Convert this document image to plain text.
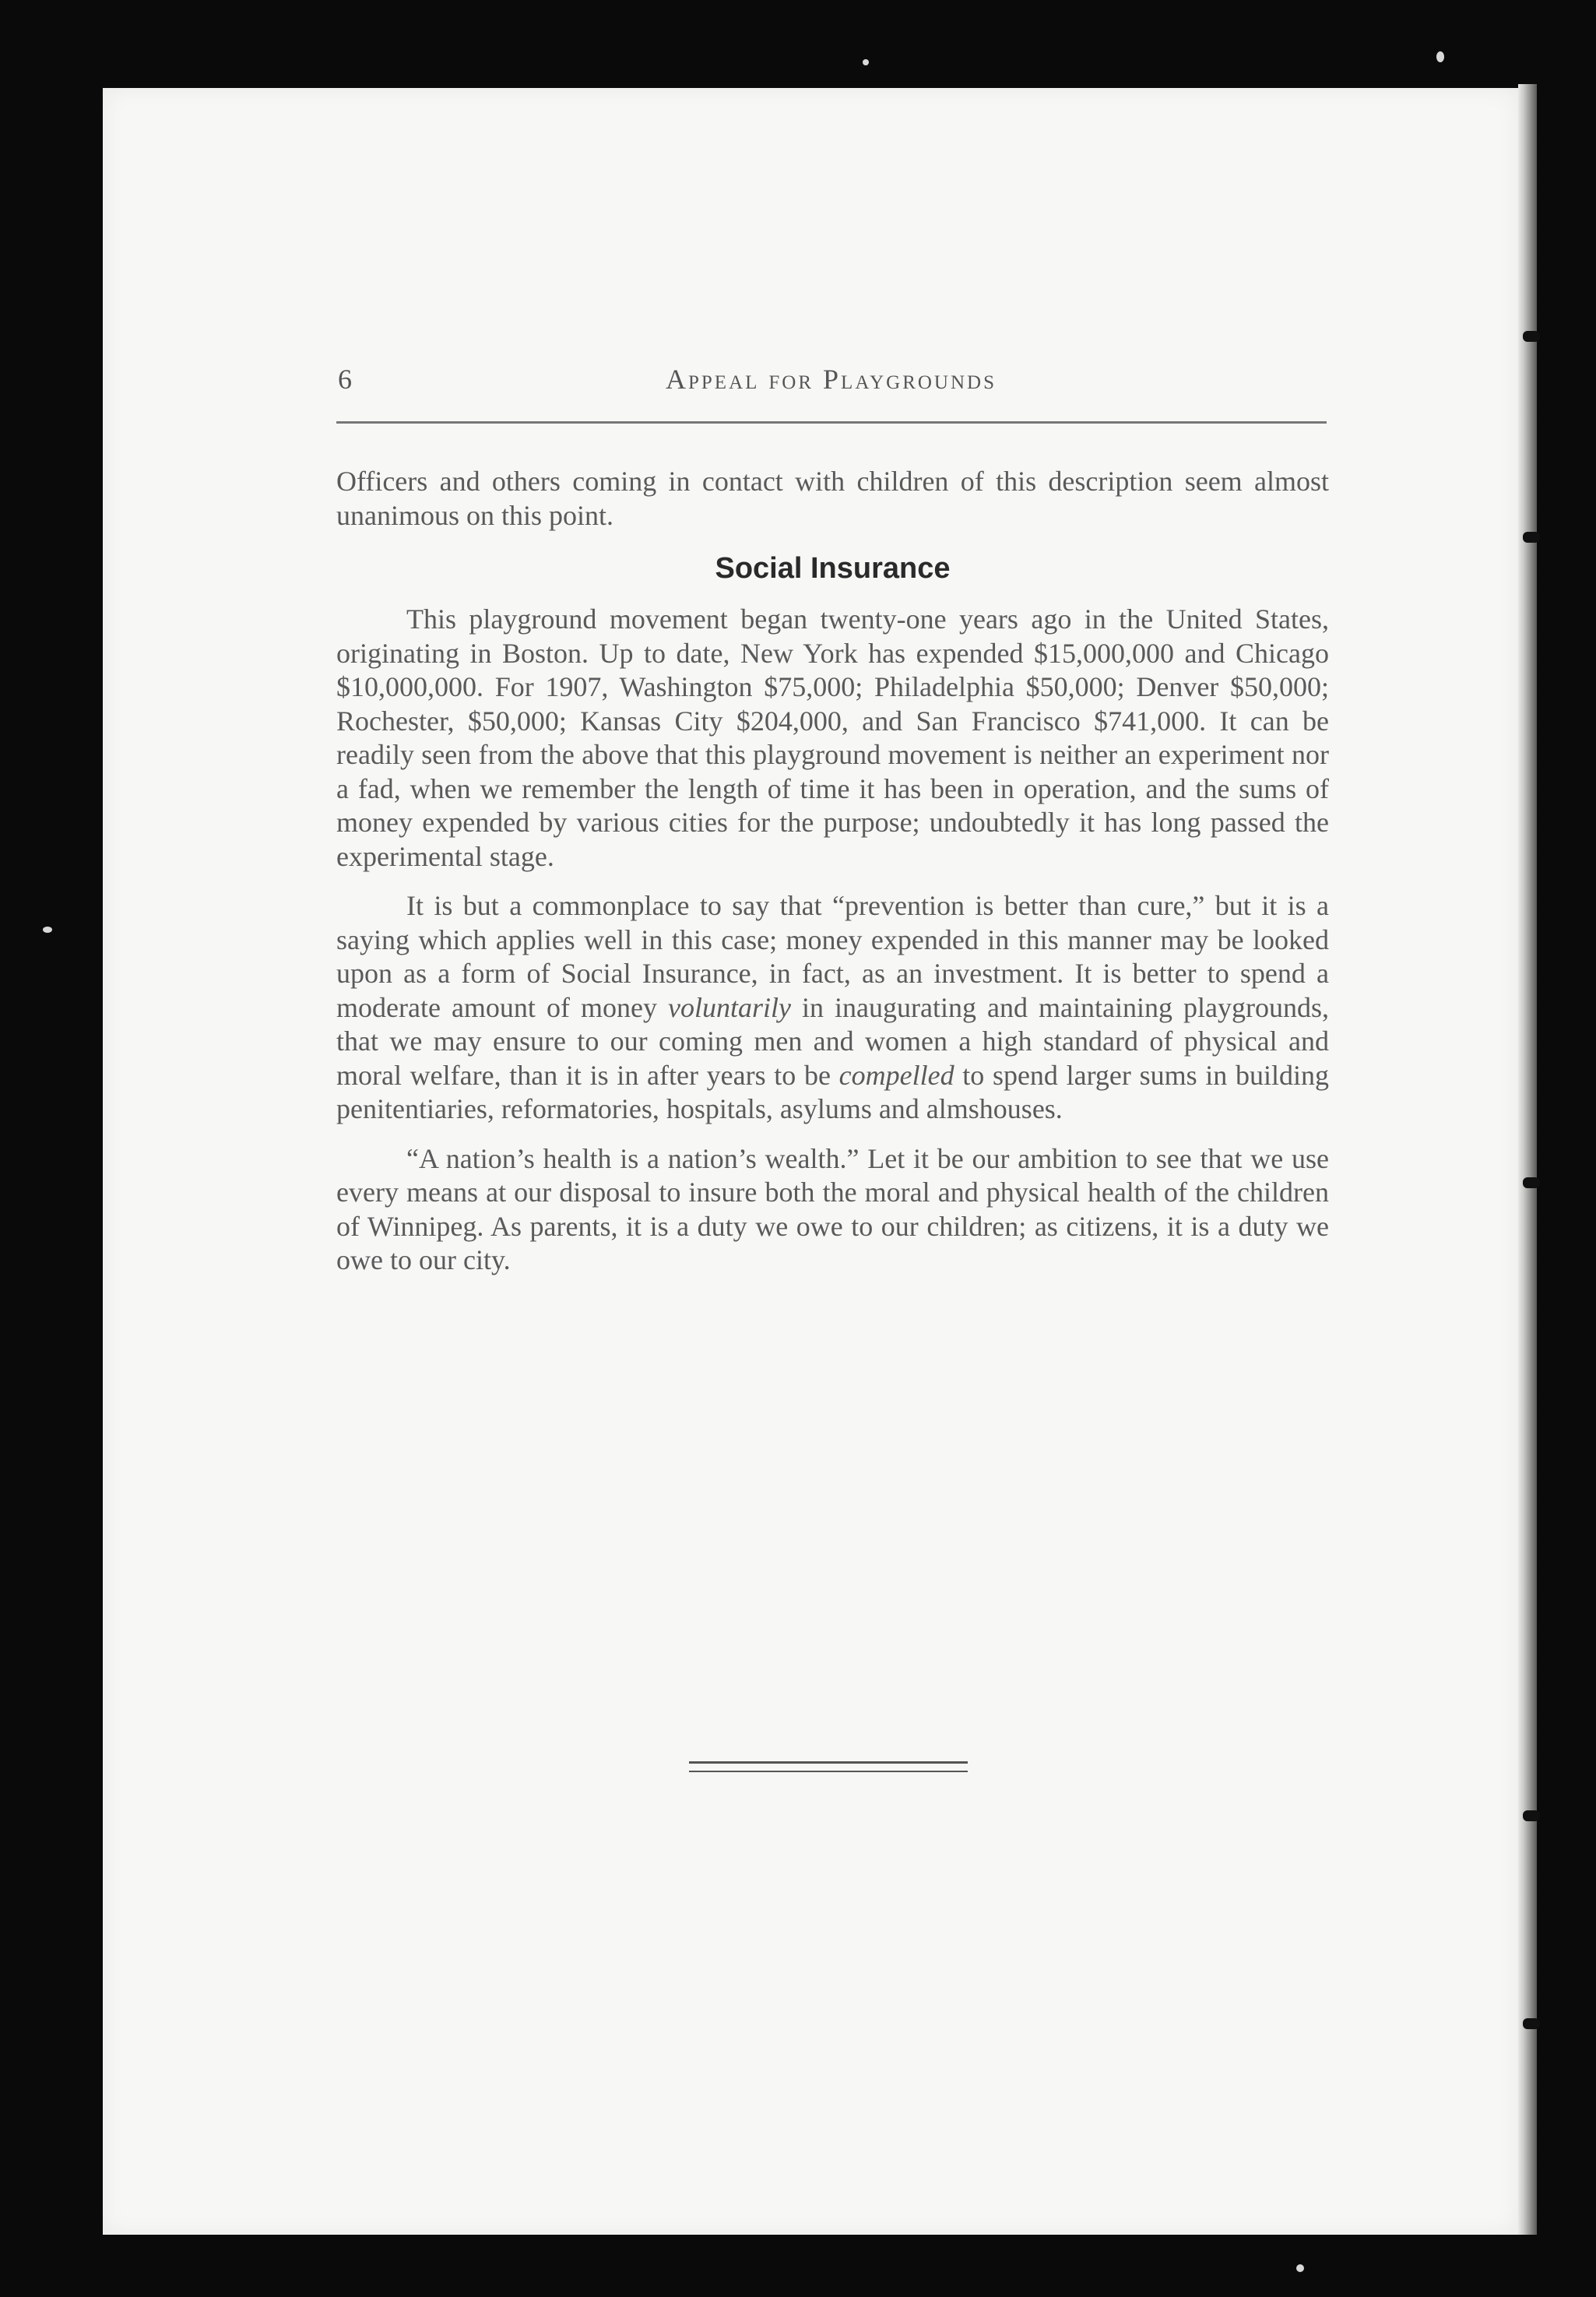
6	Appeal for Playgrounds

Officers and others coming in contact with children of this description seem almost unanimous on this point.

Social Insurance

This playground movement began twenty-one years ago in the United States, originating in Boston. Up to date, New York has expended $15,000,000 and Chicago $10,000,000. For 1907, Washington $75,000; Philadelphia $50,000; Denver $50,000; Rochester, $50,000; Kansas City $204,000, and San Francisco $741,000. It can be readily seen from the above that this playground movement is neither an experiment nor a fad, when we remember the length of time it has been in operation, and the sums of money expended by various cities for the purpose; undoubtedly it has long passed the experimental stage.

It is but a commonplace to say that “prevention is better than cure,” but it is a saying which applies well in this case; money expended in this manner may be looked upon as a form of Social Insurance, in fact, as an investment. It is better to spend a moderate amount of money voluntarily in inaugurating and maintaining playgrounds, that we may ensure to our coming men and women a high standard of physical and moral welfare, than it is in after years to be compelled to spend larger sums in building penitentiaries, reformatories, hospitals, asylums and almshouses.

“A nation’s health is a nation’s wealth.” Let it be our ambition to see that we use every means at our disposal to insure both the moral and physical health of the children of Winnipeg. As parents, it is a duty we owe to our children; as citizens, it is a duty we owe to our city.
